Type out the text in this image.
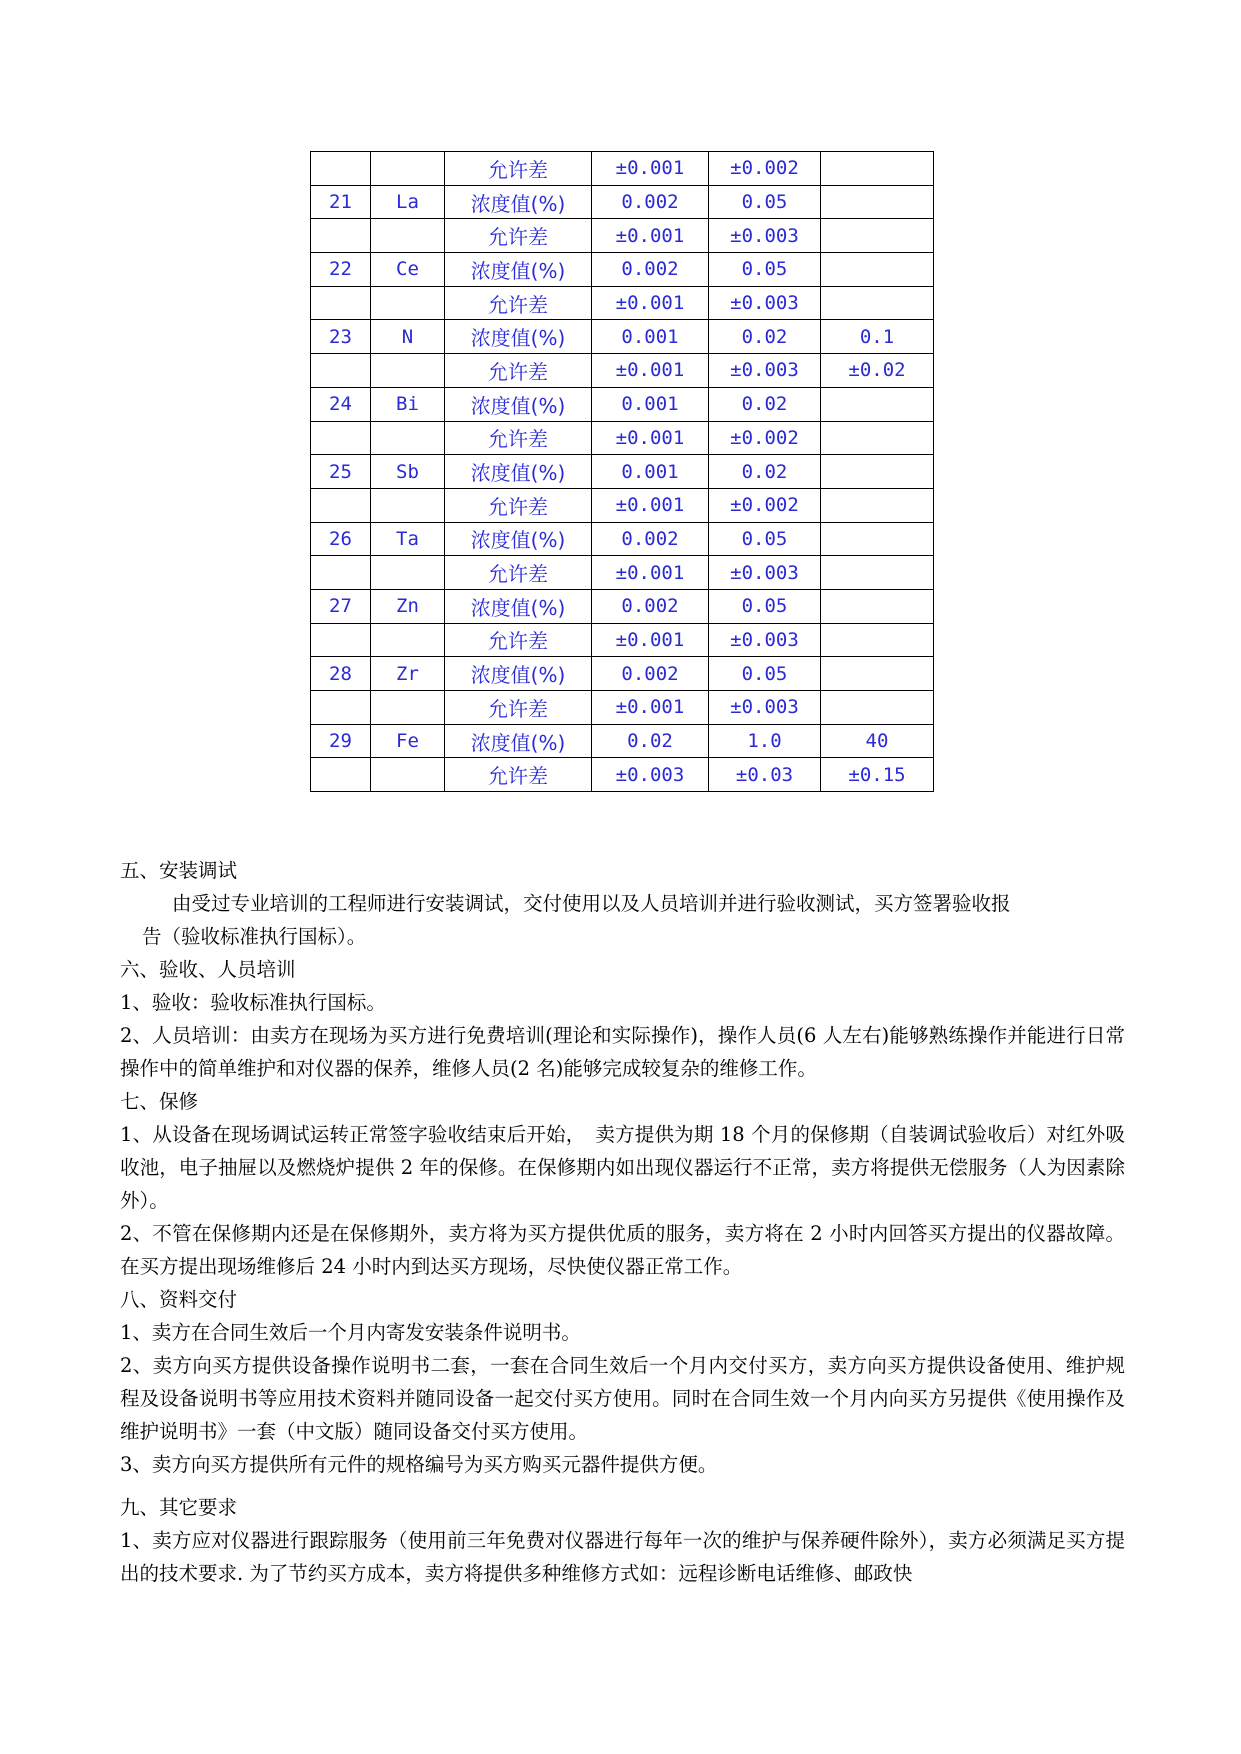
		允许差	±0.001	±0.002	
21	La	浓度值(%)	0.002	0.05	
		允许差	±0.001	±0.003	
22	Ce	浓度值(%)	0.002	0.05	
		允许差	±0.001	±0.003	
23	N	浓度值(%)	0.001	0.02	0.1
		允许差	±0.001	±0.003	±0.02
24	Bi	浓度值(%)	0.001	0.02	
		允许差	±0.001	±0.002	
25	Sb	浓度值(%)	0.001	0.02	
		允许差	±0.001	±0.002	
26	Ta	浓度值(%)	0.002	0.05	
		允许差	±0.001	±0.003	
27	Zn	浓度值(%)	0.002	0.05	
		允许差	±0.001	±0.003	
28	Zr	浓度值(%)	0.002	0.05	
		允许差	±0.001	±0.003	
29	Fe	浓度值(%)	0.02	1.0	40
		允许差	±0.003	±0.03	±0.15

五、安装调试

由受过专业培训的工程师进行安装调试，交付使用以及人员培训并进行验收测试，买方签署验收报

告（验收标准执行国标）。

六、验收、人员培训

1、验收：验收标准执行国标。

2、人员培训：由卖方在现场为买方进行免费培训(理论和实际操作)，操作人员(6 人左右)能够熟练操作并能进行日常操作中的简单维护和对仪器的保养，维修人员(2 名)能够完成较复杂的维修工作。

七、保修

1、从设备在现场调试运转正常签字验收结束后开始，　卖方提供为期 18 个月的保修期（自装调试验收后）对红外吸收池，电子抽屉以及燃烧炉提供 2 年的保修。在保修期内如出现仪器运行不正常，卖方将提供无偿服务（人为因素除外）。

2、不管在保修期内还是在保修期外，卖方将为买方提供优质的服务，卖方将在 2 小时内回答买方提出的仪器故障。在买方提出现场维修后 24 小时内到达买方现场，尽快使仪器正常工作。

八、资料交付

1、卖方在合同生效后一个月内寄发安装条件说明书。

2、卖方向买方提供设备操作说明书二套，一套在合同生效后一个月内交付买方，卖方向买方提供设备使用、维护规程及设备说明书等应用技术资料并随同设备一起交付买方使用。同时在合同生效一个月内向买方另提供《使用操作及维护说明书》一套（中文版）随同设备交付买方使用。

3、卖方向买方提供所有元件的规格编号为买方购买元器件提供方便。

九、其它要求

1、卖方应对仪器进行跟踪服务（使用前三年免费对仪器进行每年一次的维护与保养硬件除外），卖方必须满足买方提出的技术要求. 为了节约买方成本，卖方将提供多种维修方式如：远程诊断电话维修、邮政快
